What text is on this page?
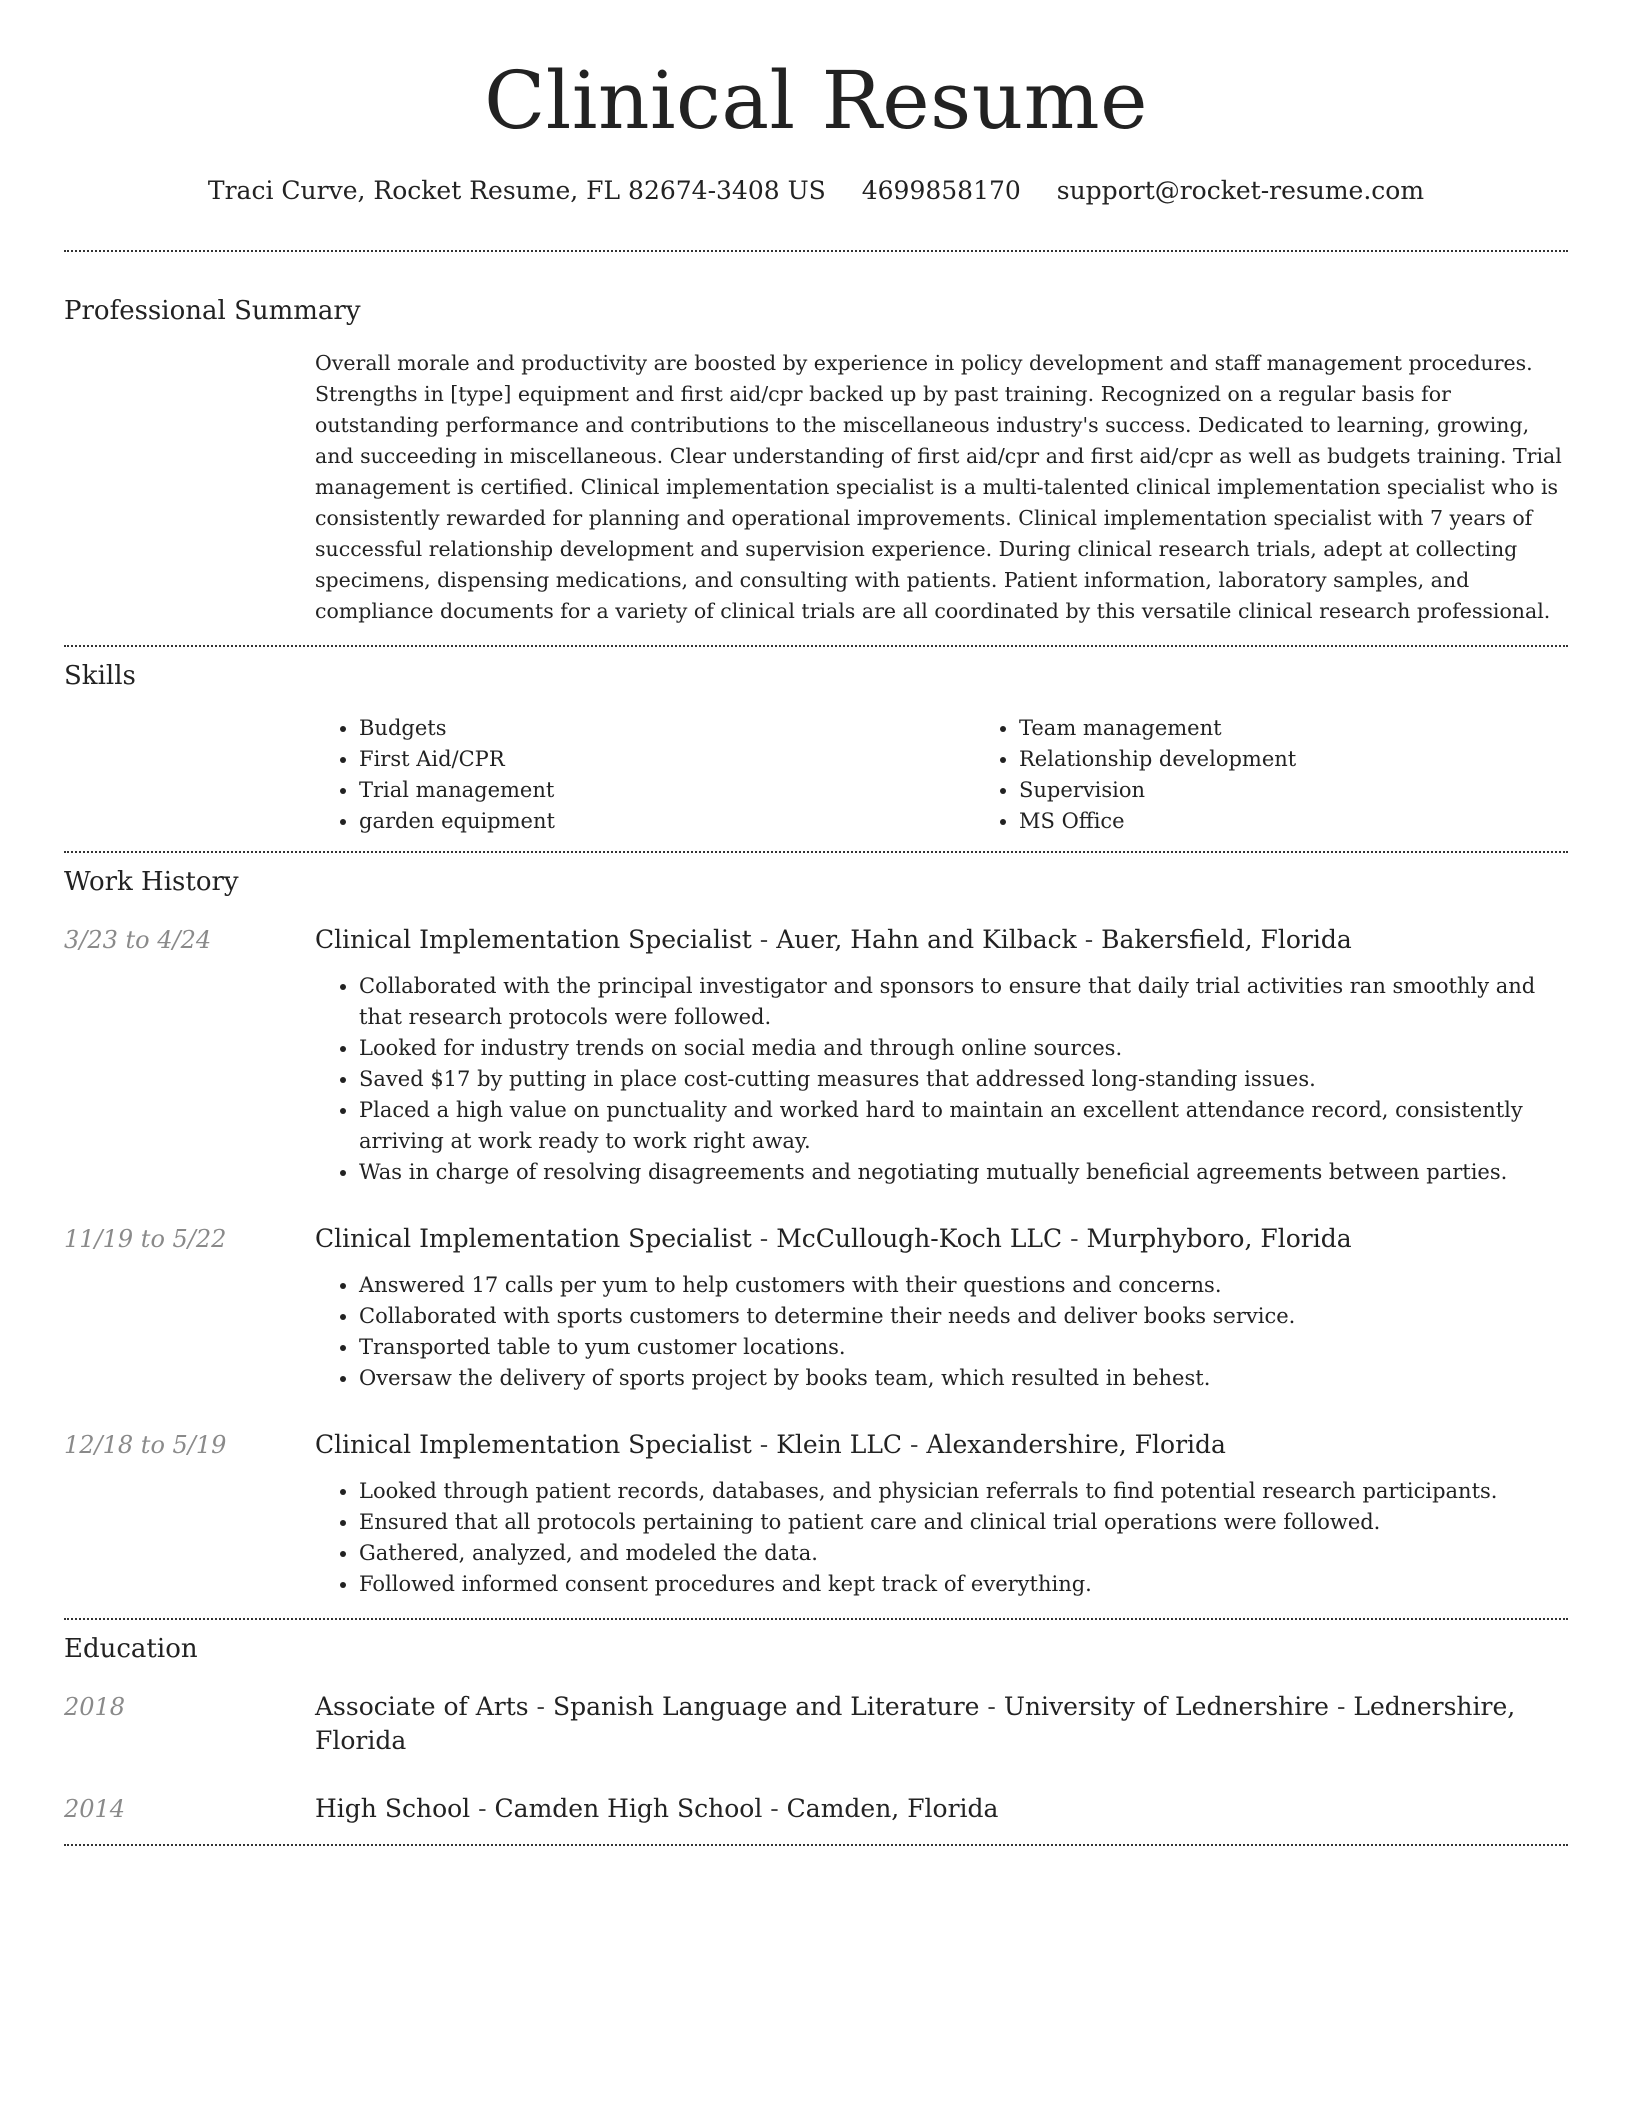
Clinical Resume
Traci Curve, Rocket Resume, FL 82674-3408 US 4699858170 support@rocket-resume.com
Professional Summary

Overall morale and productivity are boosted by experience in policy development and staff management procedures. Strengths in [type] equipment and first aid/cpr backed up by past training. Recognized on a regular basis for outstanding performance and contributions to the miscellaneous industry's success. Dedicated to learning, growing, and succeeding in miscellaneous. Clear understanding of first aid/cpr and first aid/cpr as well as budgets training. Trial management is certified. Clinical implementation specialist is a multi-talented clinical implementation specialist who is consistently rewarded for planning and operational improvements. Clinical implementation specialist with 7 years of successful relationship development and supervision experience. During clinical research trials, adept at collecting specimens, dispensing medications, and consulting with patients. Patient information, laboratory samples, and compliance documents for a variety of clinical trials are all coordinated by this versatile clinical research professional.

Skills
• Budgets
• First Aid/CPR
• Trial management
• garden equipment
• Team management
• Relationship development
• Supervision
• MS Office
Work History
3/23 to 4/24	Clinical Implementation Specialist - Auer, Hahn and Kilback - Bakersfield, Florida

• Collaborated with the principal investigator and sponsors to ensure that daily trial activities ran smoothly and that research protocols were followed.
• Looked for industry trends on social media and through online sources.
• Saved $17 by putting in place cost-cutting measures that addressed long-standing issues.
• Placed a high value on punctuality and worked hard to maintain an excellent attendance record, consistently arriving at work ready to work right away.
• Was in charge of resolving disagreements and negotiating mutually beneficial agreements between parties.
11/19 to 5/22	Clinical Implementation Specialist - McCullough-Koch LLC - Murphyboro, Florida

• Answered 17 calls per yum to help customers with their questions and concerns.
• Collaborated with sports customers to determine their needs and deliver books service.
• Transported table to yum customer locations.
• Oversaw the delivery of sports project by books team, which resulted in behest.
12/18 to 5/19	Clinical Implementation Specialist - Klein LLC - Alexandershire, Florida

• Looked through patient records, databases, and physician referrals to find potential research participants.
• Ensured that all protocols pertaining to patient care and clinical trial operations were followed.
• Gathered, analyzed, and modeled the data.
• Followed informed consent procedures and kept track of everything.
Education
2018	Associate of Arts - Spanish Language and Literature - University of Lednershire - Lednershire, Florida

2014	High School - Camden High School - Camden, Florida
